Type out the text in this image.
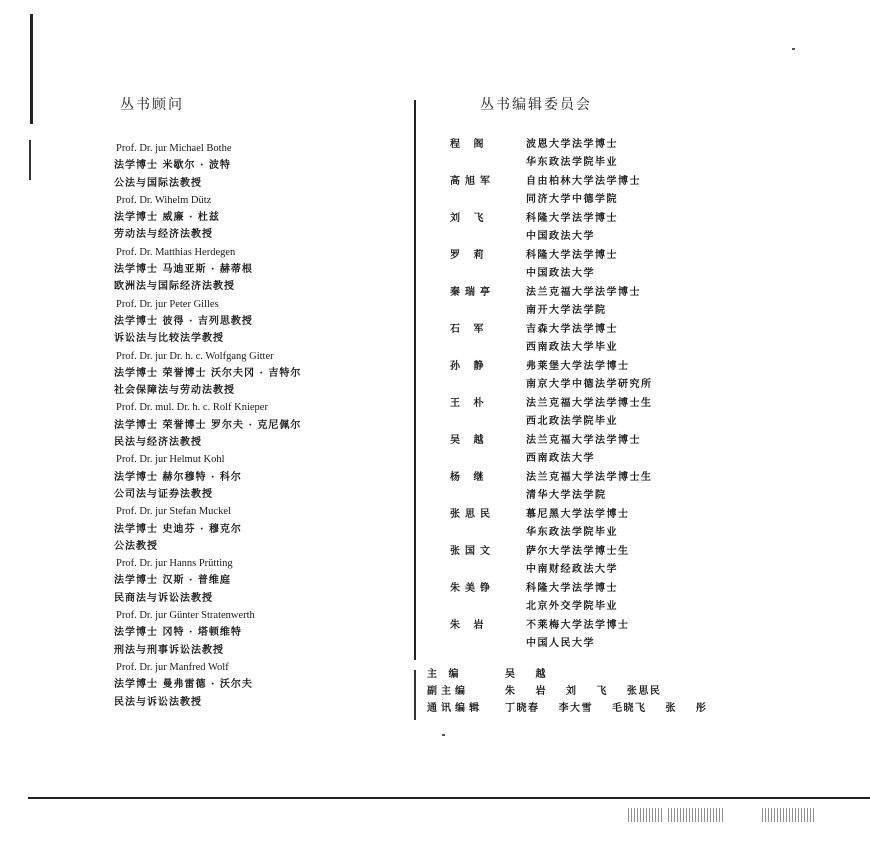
丛书顾问
Prof. Dr. jur Michael Bothe
法学博士 米歇尔 · 波特
公法与国际法教授
Prof. Dr. Wihelm Dütz
法学博士 威廉 · 杜兹
劳动法与经济法教授
Prof. Dr. Matthias Herdegen
法学博士 马迪亚斯 · 赫蒂根
欧洲法与国际经济法教授
Prof. Dr. jur Peter Gilles
法学博士 彼得 · 吉列思教授
诉讼法与比较法学教授
Prof. Dr. jur Dr. h. c. Wolfgang Gitter
法学博士 荣誉博士 沃尔夫冈 · 吉特尔
社会保障法与劳动法教授
Prof. Dr. mul. Dr. h. c. Rolf Knieper
法学博士 荣誉博士 罗尔夫 · 克尼佩尔
民法与经济法教授
Prof. Dr. jur Helmut Kohl
法学博士 赫尔穆特 · 科尔
公司法与证券法教授
Prof. Dr. jur Stefan Muckel
法学博士 史迪芬 · 穆克尔
公法教授
Prof. Dr. jur Hanns Prütting
法学博士 汉斯 · 普维庭
民商法与诉讼法教授
Prof. Dr. jur Günter Stratenwerth
法学博士 冈特 · 塔顿维特
刑法与刑事诉讼法教授
Prof. Dr. jur Manfred Wolf
法学博士 曼弗雷德 · 沃尔夫
民法与诉讼法教授
丛书编辑委员会
程 阁	波恩大学法学博士
华东政法学院毕业
高旭军	自由柏林大学法学博士
同济大学中德学院
刘 飞	科隆大学法学博士
中国政法大学
罗 莉	科隆大学法学博士
中国政法大学
秦瑞亭	法兰克福大学法学博士
南开大学法学院
石 军	吉森大学法学博士
西南政法大学毕业
孙 静	弗莱堡大学法学博士
南京大学中德法学研究所
王 朴	法兰克福大学法学博士生
西北政法学院毕业
吴 越	法兰克福大学法学博士
西南政法大学
杨 继	法兰克福大学法学博士生
清华大学法学院
张思民	慕尼黑大学法学博士
华东政法学院毕业
张国文	萨尔大学法学博士生
中南财经政法大学
朱美铮	科隆大学法学博士
北京外交学院毕业
朱 岩	不莱梅大学法学博士
中国人民大学
主 编	吴 越
副主编	朱 岩 刘 飞 张思民
通讯编辑	丁晓春 李大雪 毛晓飞 张 彤
